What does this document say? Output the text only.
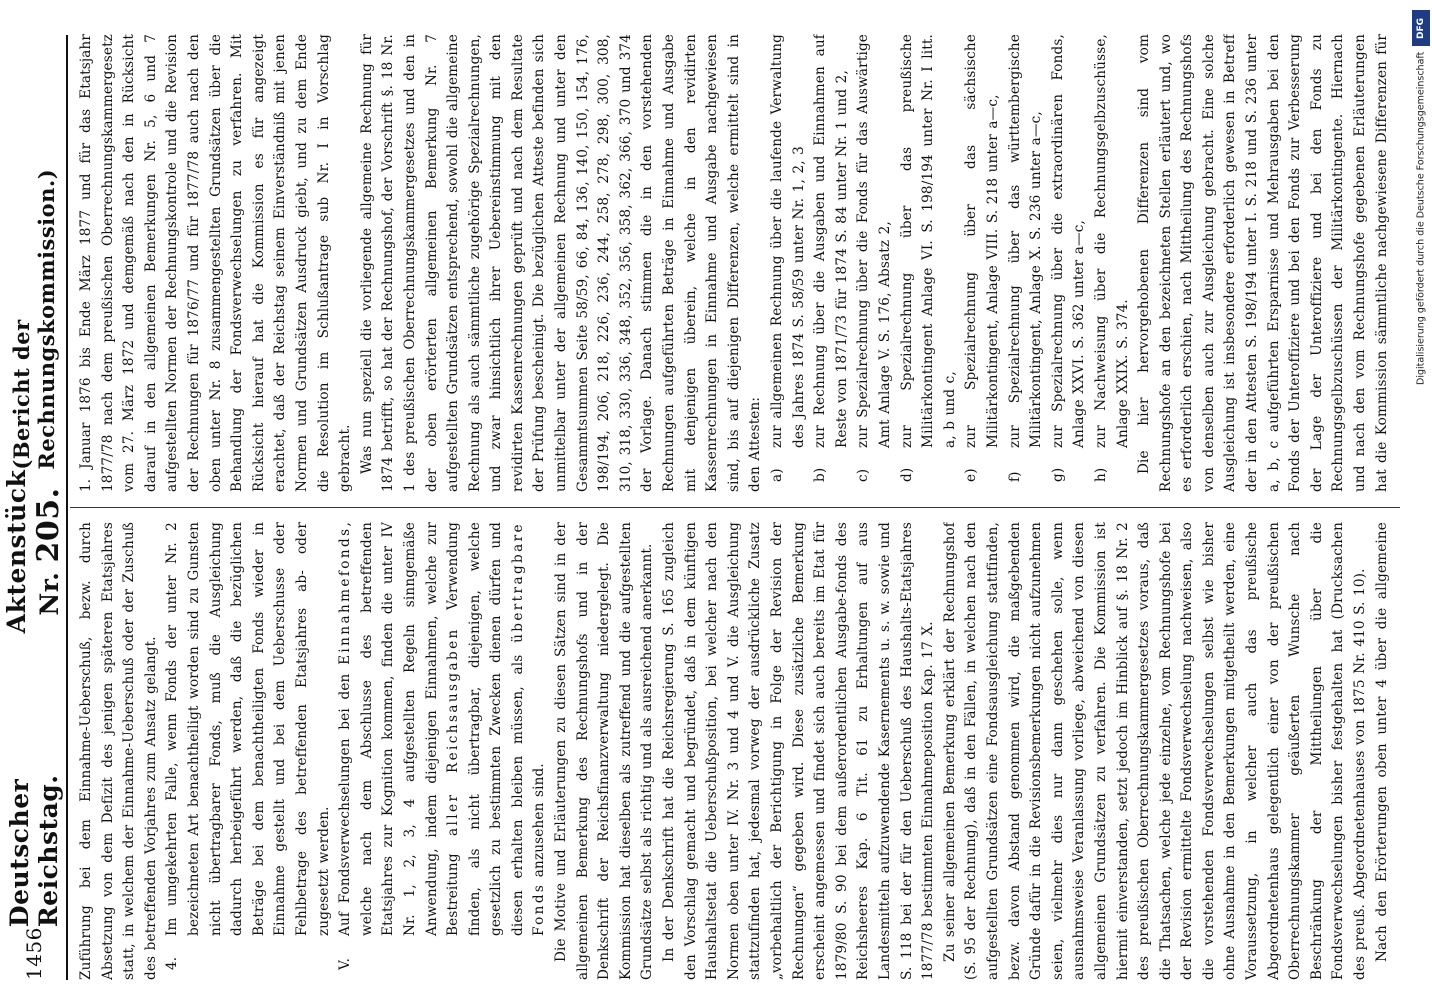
1456
Deutscher Reichstag.
Aktenstück Nr. 205.
(Bericht der Rechnungskommission.)

Zuführung bei dem Einnahme-Ueberschuß, bezw. durch Absetzung von dem Defizit des jenigen späteren Etatsjahres statt, in welchem der Einnahme-Ueberschuß oder der Zuschuß des betreffenden Vorjahres zum Ansatz gelangt. 4.
Im umgekehrten Falle, wenn Fonds der unter Nr. 2 bezeichneten Art benachtheiligt worden sind zu Gunsten nicht übertragbarer Fonds, muß die Ausgleichung dadurch herbeigeführt werden, daß die bezüglichen Beträge bei dem benachtheiligten Fonds wieder in Einnahme gestellt und bei dem Ueberschusse oder Fehlbetrage des betreffenden Etatsjahres ab- oder zugesetzt werden.
V.
Auf Fondsverwechselungen bei den Einnahmefonds, welche nach dem Abschlusse des betreffenden Etatsjahres zur Kognition kommen, finden die unter IV Nr. 1, 2, 3, 4 aufgestellten Regeln sinngemäße Anwendung, indem diejenigen Einnahmen, welche zur Bestreitung aller Reichsausgaben Verwendung finden, als nicht übertragbar, diejenigen, welche gesetzlich zu bestimmten Zwecken dienen dürfen und diesen erhalten bleiben müssen, als übertragbare Fonds anzusehen sind. Die Motive und Erläuterungen zu diesen Sätzen sind in der allgemeinen Bemerkung des Rechnungshofs und in der Denkschrift der Reichsfinanzverwaltung niedergelegt. Die Kommission hat dieselben als zutreffend und die aufgestellten Grundsätze selbst als richtig und als ausreichend anerkannt. In der Denkschrift hat die Reichsregierung S. 165 zugleich den Vorschlag gemacht und begründet, daß in dem künftigen Haushaltsetat die Ueberschußposition, bei welcher nach den Normen oben unter IV. Nr. 3 und 4 und V. die Ausgleichung stattzufinden hat, jedesmal vorweg der ausdrückliche Zusatz „vorbehaltlich der Berichtigung in Folge der Revision der Rechnungen“ gegeben wird. Diese zusätzliche Bemerkung erscheint angemessen und findet sich auch bereits im Etat für 1879/80 S. 90 bei dem außerordentlichen Ausgabe-fonds des Reichsheeres Kap. 6 Tit. 61 zu Erhaltungen auf aus Landesmitteln aufzuwendende Kasernements u. s. w. sowie und S. 118 bei der für den Ueberschuß des Haushalts-Etatsjahres 1877/78 bestimmten Einnahmeposition Kap. 17 X. Zu seiner allgemeinen Bemerkung erklärt der Rechnungshof (S. 95 der Rechnung), daß in den Fällen, in welchen nach den aufgestellten Grundsätzen eine Fondsausgleichung stattfinden, bezw. davon Abstand genommen wird, die maßgebenden Gründe dafür in die Revisionsbemerkungen nicht aufzunehmen seien, vielmehr dies nur dann geschehen solle, wenn ausnahmsweise Veranlassung vorliege, abweichend von diesen allgemeinen Grundsätzen zu verfahren. Die Kommission ist hiermit einverstanden, setzt jedoch im Hinblick auf §. 18 Nr. 2 des preußischen Oberrechnungskammergesetzes voraus, daß die Thatsachen, welche jede einzelne, vom Rechnungshofe bei der Revision ermittelte Fondsverwechselung nachweisen, also die vorstehenden Fondsverwechselungen selbst wie bisher ohne Ausnahme in den Bemerkungen mitgetheilt werden, eine Voraussetzung, in welcher auch das preußische Abgeordnetenhaus gelegentlich einer von der preußischen Oberrechnungskammer geäußerten Wunsche nach Beschränkung der Mittheilungen über die Fondsverwechselungen bisher festgehalten hat (Drucksachen des preuß. Abgeordnetenhauses von 1875 Nr. 410 S. 10). Nach den Erörterungen oben unter 4 über die allgemeine

1. Januar 1876 bis Ende März 1877 und für das Etatsjahr 1877/78 nach dem preußischen Oberrechnungskammergesetz vom 27. März 1872 und demgemäß nach den in Rücksicht darauf in den allgemeinen Bemerkungen Nr. 5, 6 und 7 aufgestellten Normen der Rechnungskontrole und die Revision der Rechnungen für 1876/77 und für 1877/78 auch nach den oben unter Nr. 8 zusammengestellten Grundsätzen über die Behandlung der Fondsverwechselungen zu verfahren. Mit Rücksicht hierauf hat die Kommission es für angezeigt erachtet, daß der Reichstag seinem Einverständniß mit jenen Normen und Grundsätzen Ausdruck giebt, und zu dem Ende die Resolution im Schlußantrage sub Nr. I in Vorschlag gebracht. Was nun speziell die vorliegende allgemeine Rechnung für 1874 betrifft, so hat der Rechnungshof, der Vorschrift §. 18 Nr. 1 des preußischen Oberrechnungskammergesetzes und den in der oben erörterten allgemeinen Bemerkung Nr. 7 aufgestellten Grundsätzen entsprechend, sowohl die allgemeine Rechnung als auch sämmtliche zugehörige Spezialrechnungen, und zwar hinsichtlich ihrer Uebereinstimmung mit den revidirten Kassenrechnungen geprüft und nach dem Resultate der Prüfung bescheinigt. Die bezüglichen Atteste befinden sich unmittelbar unter der allgemeinen Rechnung und unter den Gesammtsummen Seite 58/59, 66, 84, 136, 140, 150, 154, 176, 198/194, 206, 218, 226, 236, 244, 258, 278, 298, 300, 308, 310, 318, 330, 336, 348, 352, 356, 358, 362, 366, 370 und 374 der Vorlage. Danach stimmen die in den vorstehenden Rechnungen aufgeführten Beträge in Einnahme und Ausgabe mit denjenigen überein, welche in den revidirten Kassenrechnungen in Einnahme und Ausgabe nachgewiesen sind, bis auf diejenigen Differenzen, welche ermittelt sind in den Attesten: a)
zur allgemeinen Rechnung über die laufende Verwaltung des Jahres 1874 S. 58/59 unter Nr. 1, 2, 3
b)
zur Rechnung über die Ausgaben und Einnahmen auf Reste von 1871/73 für 1874 S. 84 unter Nr. 1 und 2,
c)
zur Spezialrechnung über die Fonds für das Auswärtige Amt Anlage V. S. 176, Absatz 2,
d)
zur Spezialrechnung über das preußische Militärkontingent Anlage VI. S. 198/194 unter Nr. I litt. a, b und c,
e)
zur Spezialrechnung über das sächsische Militärkontingent, Anlage VIII. S. 218 unter a—c,
f)
zur Spezialrechnung über das württembergische Militärkontingent, Anlage X. S. 236 unter a—c,
g)
zur Spezialrechnung über die extraordinären Fonds, Anlage XXVI. S. 362 unter a—c,
h)
zur Nachweisung über die Rechnungsgelbzuschüsse, Anlage XXIX. S. 374.

Die hier hervorgehobenen Differenzen sind vom Rechnungshofe an den bezeichneten Stellen erläutert und, wo es erforderlich erschien, nach Mittheilung des Rechnungshofs von denselben auch zur Ausgleichung gebracht. Eine solche Ausgleichung ist insbesondere erforderlich gewesen in Betreff der in den Attesten S. 198/194 unter I. S. 218 und S. 236 unter a, b, c aufgeführten Ersparnisse und Mehrausgaben bei den Fonds der Unteroffiziere und bei den Fonds zur Verbesserung der Lage der Unteroffiziere und bei den Fonds zu Rechnungsgelbzuschüssen der Militärkontingente. Hiernach und nach den vom Rechnungshofe gegebenen Erläuterungen hat die Kommission sämmtliche nachgewiesene Differenzen für

DFG
Digitalisierung gefördert durch die Deutsche Forschungsgemeinschaft
